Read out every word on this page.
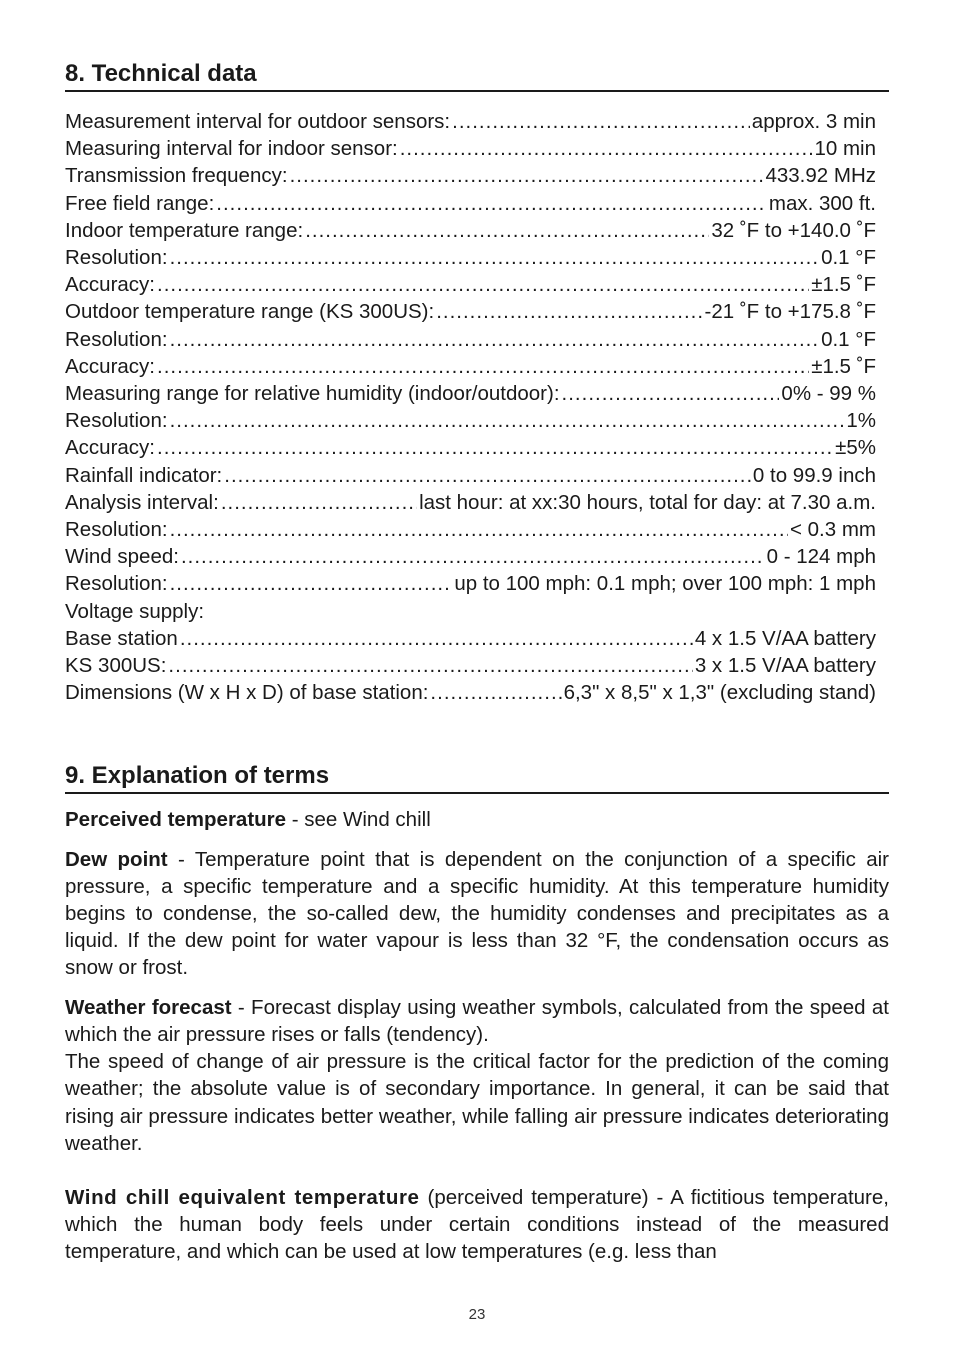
8. Technical data
Measurement interval for outdoor sensors: .....	approx. 3 min
Measuring interval for indoor sensor: .....	10 min
Transmission frequency: .....	433.92 MHz
Free field range: .....	max. 300 ft.
Indoor temperature range: .....	32 ˚F to +140.0 ˚F
Resolution: .....	0.1 °F
Accuracy: .....	±1.5 ˚F
Outdoor temperature range (KS 300US): .....	-21 ˚F to +175.8 ˚F
Resolution: .....	0.1 °F
Accuracy: .....	±1.5 ˚F
Measuring range for relative humidity (indoor/outdoor): .....	0% - 99 %
Resolution: .....	1%
Accuracy: .....	±5%
Rainfall indicator: .....	0 to 99.9 inch
Analysis interval: .....	last hour: at xx:30 hours, total for day: at 7.30 a.m.
Resolution: .....	< 0.3 mm
Wind speed: .....	0 - 124 mph
Resolution: .....	up to 100 mph: 0.1 mph; over 100 mph: 1 mph
Voltage supply:
Base station .....	4 x 1.5 V/AA battery
KS 300US: .....	3 x 1.5 V/AA battery
Dimensions (W x H x D) of base station: .....	6,3" x 8,5" x 1,3" (excluding stand)
9. Explanation of terms

Perceived temperature - see Wind chill

Dew point - Temperature point that is dependent on the conjunction of a specific air pressure, a specific temperature and a specific humidity. At this temperature humidity begins to condense, the so-called dew, the humidity condenses and precipitates as a liquid. If the dew point for water vapour is less than 32 °F, the condensation occurs as snow or frost.

Weather forecast - Forecast display using weather symbols, calculated from the speed at which the air pressure rises or falls (tendency).

The speed of change of air pressure is the critical factor for the prediction of the coming weather; the absolute value is of secondary importance. In general, it can be said that rising air pressure indicates better weather, while falling air pressure indicates deteriorating weather.

Wind chill equivalent temperature (perceived temperature) - A fictitious temperature, which the human body feels under certain conditions instead of the measured temperature, and which can be used at low temperatures (e.g. less than

23
